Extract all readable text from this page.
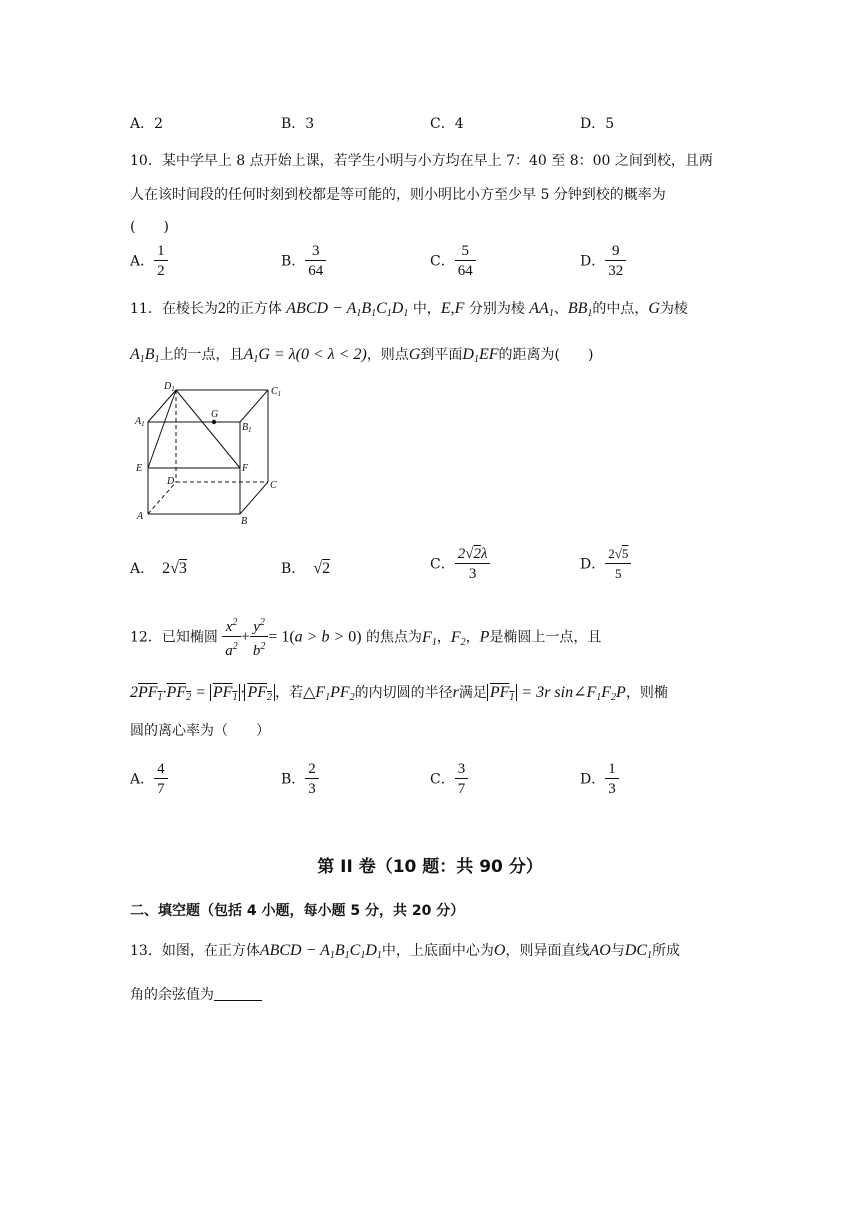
A．2	B．3	C．4	D．5
10．某中学早上 8 点开始上课，若学生小明与小方均在早上 7：40 至 8：00 之间到校，且两
人在该时间段的任何时刻到校都是等可能的，则小明比小方至少早 5 分钟到校的概率为
(　　)
A． $\frac{1}{2}$	B． $\frac{3}{64}$	C． $\frac{5}{64}$	D． $\frac{9}{32}$
11．在棱长为2的正方体 ABCD − $A_1B_1C_1D_1$ 中，E,F 分别为棱 $AA_1$、$BB_1$的中点，G为棱
$A_1B_1$上的一点，且$A_1G = \lambda(0 < \lambda < 2)$，则点G到平面$D_1EF$的距离为(　　)
$D_1$	$C_1$
$A_1$
G
$B_1$
E	F
D	C
A	B
A． 2√3	B． √2	C． $\frac{2√2\lambda}{3}$	D． $\frac{2√5}{5}$
12．已知椭圆 $\frac{x^2}{a^2} + \frac{y^2}{b^2} = 1(a > b > 0)$ 的焦点为$F_1$，$F_2$，P是椭圆上一点，且
$2PF_1\cdot PF_2 = PF_1 \cdot PF_2$ ，若$\triangle F_1PF_2$的内切圆的半径r满足 $PF_1 = 3r$ $\sin\angle F_1F_2P$，则椭
圆的离心率为（　　）
A． $\frac{4}{7}$	B． $\frac{2}{3}$	C． $\frac{3}{7}$	D． $\frac{1}{3}$
第 II 卷（10 题：共 90 分）
二、填空题（包括 4 小题，每小题 5 分，共 20 分）
13．如图，在正方体ABCD − $A_1B_1C_1D_1$中，上底面中心为O，则异面直线AO与$DC_1$所成
角的余弦值为
